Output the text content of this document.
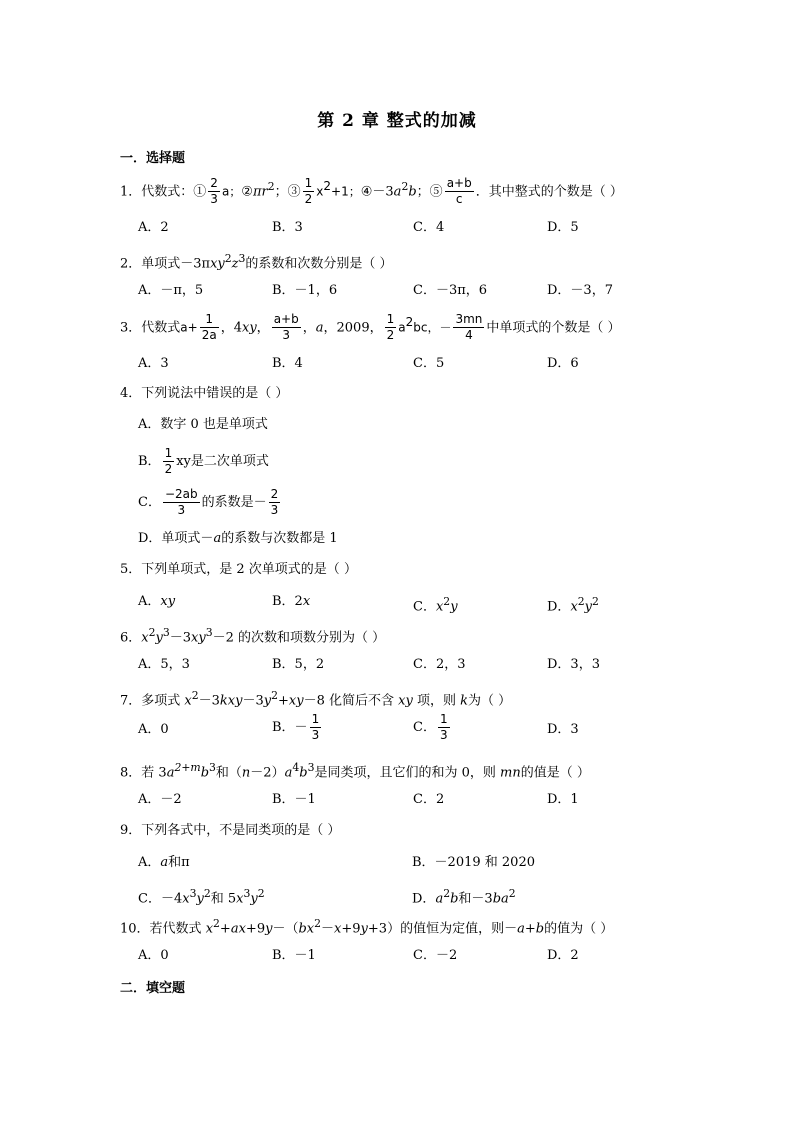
第 2 章 整式的加减
一．选择题
1．代数式：① $\frac{2}{3}$ a；$②\pi r^2$；③ $\frac{1}{2} x^2+1$；$④-3a^2b$；⑤ $\frac{a+b}{c}$ ．其中整式的个数是（ ）
A．2	B．3	C．4	D．5
2．单项式$-3\pi xy^2z^3$的系数和次数分别是（ ）
A．－π，5	B．－1，6	C．－3π，6	D．－3，7
3．代数式$a+ \frac{1}{2a}$ ，4xy， $\frac{a+b}{3}$ ，a，2009， $\frac{1}{2} a^2bc$，－ $\frac{3mn}{4}$ 中单项式的个数是（ ）
A．3	B．4	C．5	D．6
4．下列说法中错误的是（ ）
A．数字 0 也是单项式
B． $\frac{1}{2}$ xy是二次单项式
C． $\frac{-2ab}{3}$ 的系数是－ $\frac{2}{3}$
D．单项式－a的系数与次数都是 1
5．下列单项式，是 2 次单项式的是（ ）
A．xy	B．2x	C．$x^2y$	D．$x^2y^2$
6．$x^2y^3-3xy^3-2$ 的次数和项数分别为（ ）
A．5，3	B．5，2	C．2，3	D．3，3
7．多项式 $x^2-3kxy-3y^2+xy-8$ 化简后不含 xy 项，则 k为（ ）
A．0	B．－ $\frac{1}{3}$	C． $\frac{1}{3}$	D．3
8．若 $3a^{2+m}b^3$和$(n-2)a^4b^3$是同类项，且它们的和为 0，则 mn的值是（ ）
A．－2	B．－1	C．2	D．1
9．下列各式中，不是同类项的是（ ）
A．a和π	B．－2019 和 2020
C．$-4x^3y^2$和 $5x^3y^2$	D．$a^2b$和$-3ba^2$
10．若代数式 $x^2+ax+9y-(bx^2-x+9y+3)$的值恒为定值，则－a+b的值为（ ）
A．0	B．－1	C．－2	D．2
二．填空题
